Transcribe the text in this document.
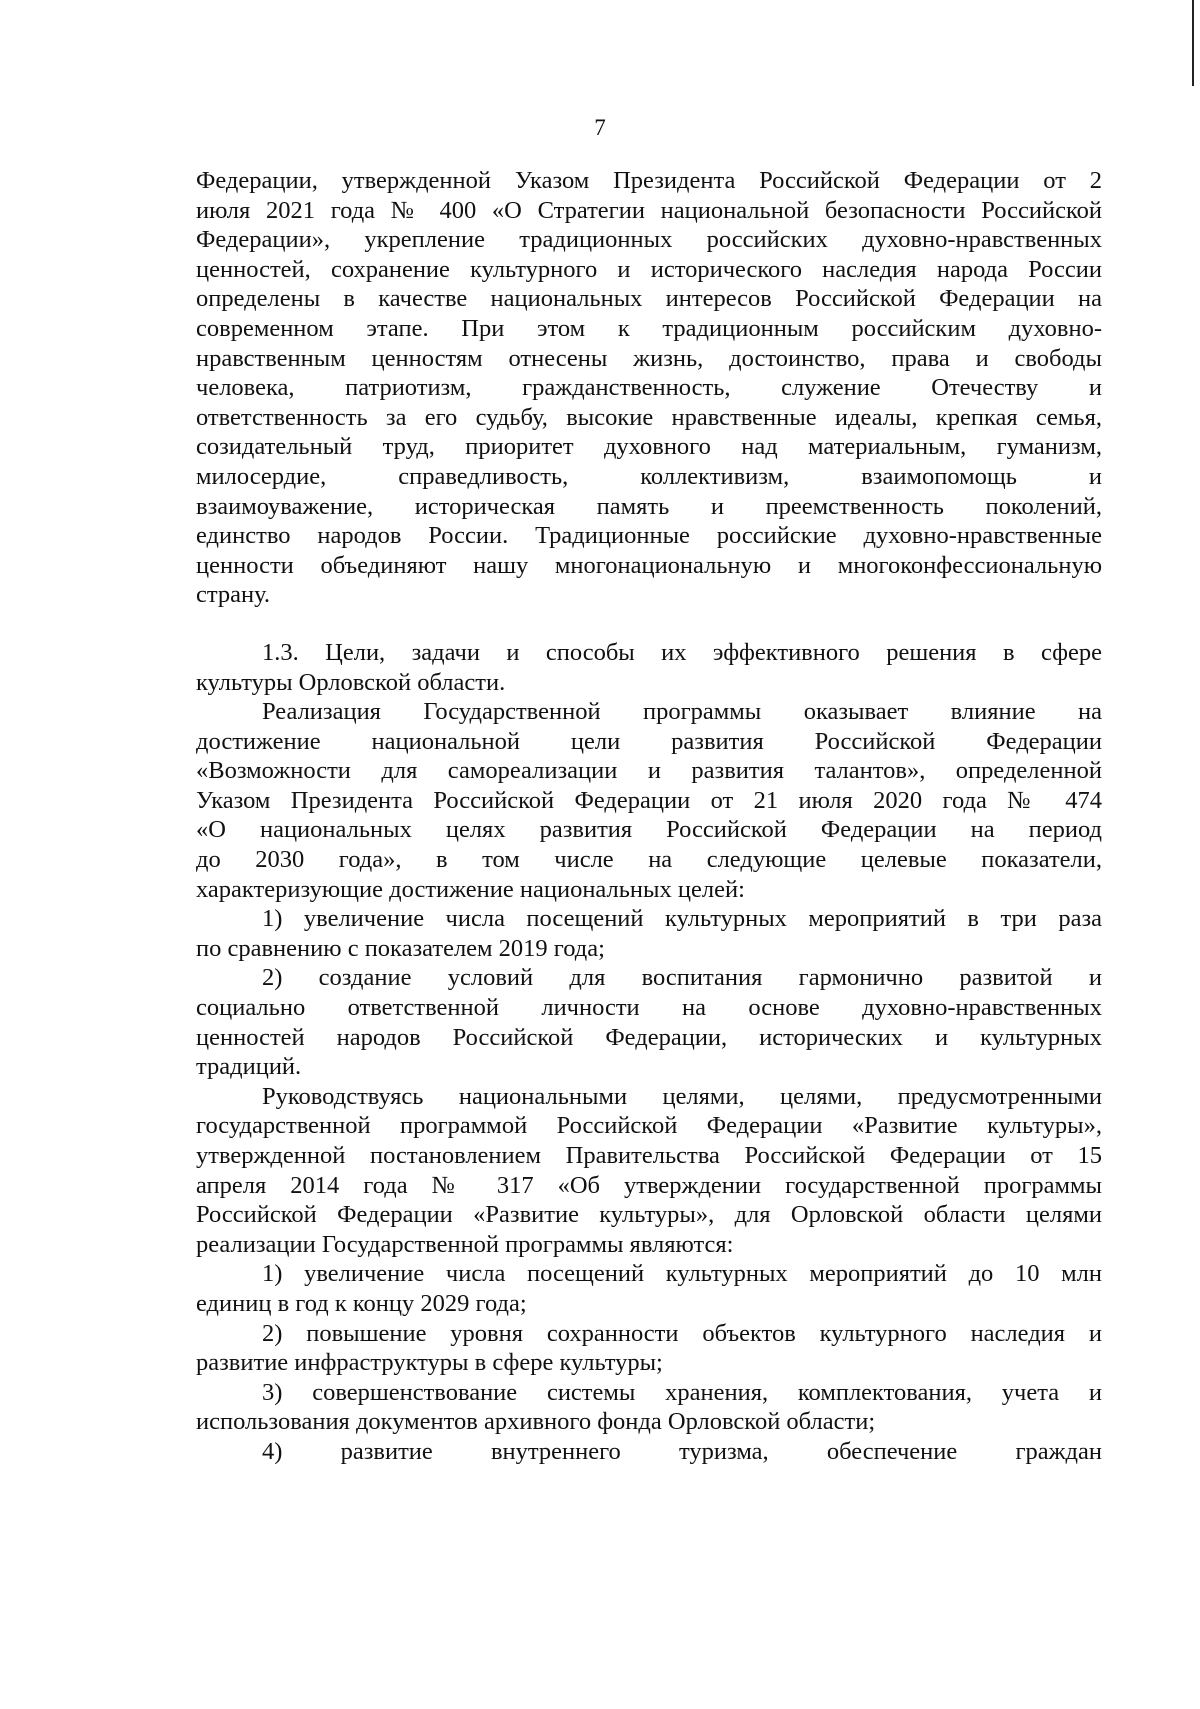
7
Федерации, утвержденной Указом Президента Российской Федерации от 2
июля 2021 года № 400 «О Стратегии национальной безопасности Российской
Федерации», укрепление традиционных российских духовно-нравственных
ценностей, сохранение культурного и исторического наследия народа России
определены в качестве национальных интересов Российской Федерации на
современном этапе. При этом к традиционным российским духовно-
нравственным ценностям отнесены жизнь, достоинство, права и свободы
человека, патриотизм, гражданственность, служение Отечеству и
ответственность за его судьбу, высокие нравственные идеалы, крепкая семья,
созидательный труд, приоритет духовного над материальным, гуманизм,
милосердие, справедливость, коллективизм, взаимопомощь и
взаимоуважение, историческая память и преемственность поколений,
единство народов России. Традиционные российские духовно-нравственные
ценности объединяют нашу многонациональную и многоконфессиональную
страну.
1.3. Цели, задачи и способы их эффективного решения в сфере
культуры Орловской области.
Реализация Государственной программы оказывает влияние на
достижение национальной цели развития Российской Федерации
«Возможности для самореализации и развития талантов», определенной
Указом Президента Российской Федерации от 21 июля 2020 года № 474
«О национальных целях развития Российской Федерации на период
до 2030 года», в том числе на следующие целевые показатели,
характеризующие достижение национальных целей:
1) увеличение числа посещений культурных мероприятий в три раза
по сравнению с показателем 2019 года;
2) создание условий для воспитания гармонично развитой и
социально ответственной личности на основе духовно-нравственных
ценностей народов Российской Федерации, исторических и культурных
традиций.
Руководствуясь национальными целями, целями, предусмотренными
государственной программой Российской Федерации «Развитие культуры»,
утвержденной постановлением Правительства Российской Федерации от 15
апреля 2014 года № 317 «Об утверждении государственной программы
Российской Федерации «Развитие культуры», для Орловской области целями
реализации Государственной программы являются:
1) увеличение числа посещений культурных мероприятий до 10 млн
единиц в год к концу 2029 года;
2) повышение уровня сохранности объектов культурного наследия и
развитие инфраструктуры в сфере культуры;
3) совершенствование системы хранения, комплектования, учета и
использования документов архивного фонда Орловской области;
4) развитие внутреннего туризма, обеспечение граждан
